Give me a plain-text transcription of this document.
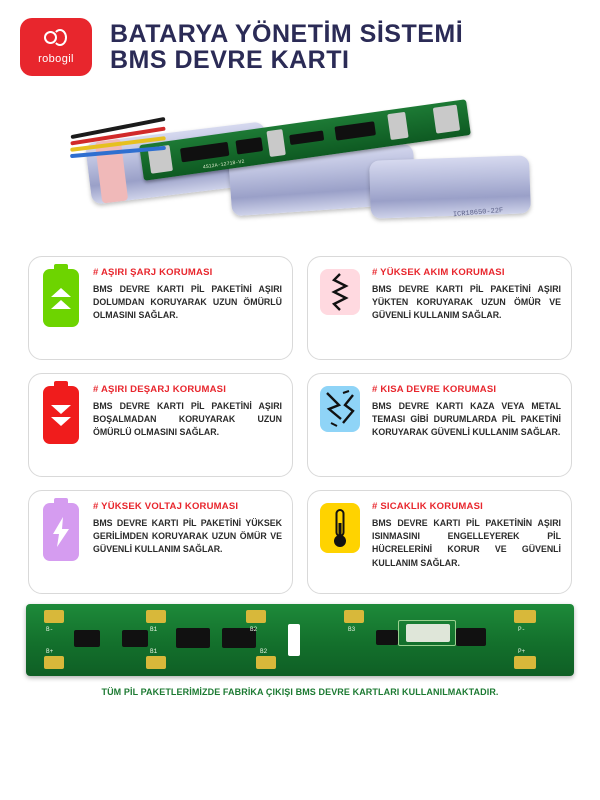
robogil
BATARYA YÖNETİM SİSTEMİ
BMS DEVRE KARTI
ICR18650-22F
4S12A-12718-V2
# AŞIRI ŞARJ KORUMASI
BMS DEVRE KARTI PİL PAKETİNİ AŞIRI DOLUMDAN KORUYARAK UZUN ÖMÜRLÜ OLMASINI SAĞLAR.
# YÜKSEK AKIM KORUMASI
BMS DEVRE KARTI PİL PAKETİNİ AŞIRI YÜKTEN KORUYARAK UZUN ÖMÜR VE GÜVENLİ KULLANIM SAĞLAR.
# AŞIRI DEŞARJ KORUMASI
BMS DEVRE KARTI PİL PAKETİNİ AŞIRI BOŞALMADAN KORUYARAK UZUN ÖMÜRLÜ OLMASINI SAĞLAR.
# KISA DEVRE KORUMASI
BMS DEVRE KARTI KAZA VEYA METAL TEMASI GİBİ DURUMLARDA PİL PAKETİNİ KORUYARAK GÜVENLİ KULLANIM SAĞLAR.
# YÜKSEK VOLTAJ KORUMASI
BMS DEVRE KARTI PİL PAKETİNİ YÜKSEK GERİLİMDEN KORUYARAK UZUN ÖMÜR VE GÜVENLİ KULLANIM SAĞLAR.
# SICAKLIK KORUMASI
BMS DEVRE KARTI PİL PAKETİNİN AŞIRI ISINMASINI ENGELLEYEREK PİL HÜCRELERİNİ KORUR VE GÜVENLİ KULLANIM SAĞLAR.
B-	B1	B2	B3
B+	B1	B2
P-
P+
TÜM PİL PAKETLERİMİZDE FABRİKA ÇIKIŞI BMS DEVRE KARTLARI KULLANILMAKTADIR.
